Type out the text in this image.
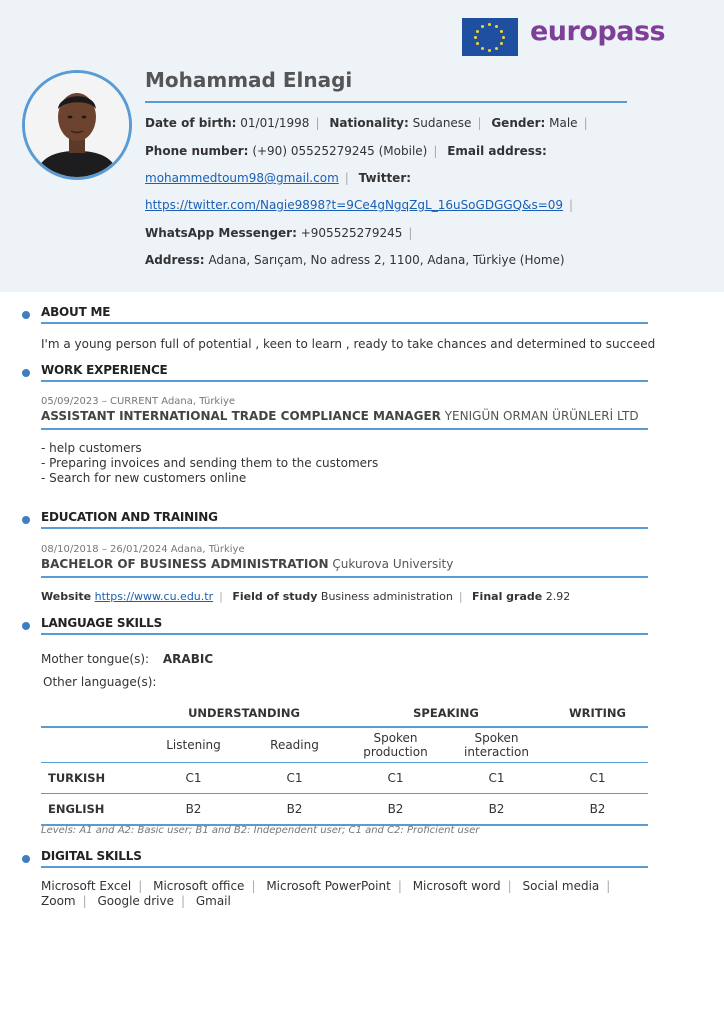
europass
Mohammad Elnagi
Date of birth: 01/01/1998 | Nationality: Sudanese | Gender: Male |
Phone number: (+90) 05525279245 (Mobile) | Email address:
mohammedtoum98@gmail.com | Twitter:
https://twitter.com/Nagie9898?t=9Ce4gNgqZgL_16uSoGDGGQ&s=09 |
WhatsApp Messenger: +905525279245 |
Address: Adana, Sarıçam, No adress 2, 1100, Adana, Türkiye (Home)
ABOUT ME
I'm a young person full of potential , keen to learn , ready to take chances and determined to succeed
WORK EXPERIENCE
05/09/2023 – CURRENT Adana, Türkiye
ASSISTANT INTERNATIONAL TRADE COMPLIANCE MANAGER YENIGÜN ORMAN ÜRÜNLERİ LTD
- help customers
- Preparing invoices and sending them to the customers
- Search for new customers online
EDUCATION AND TRAINING
08/10/2018 – 26/01/2024 Adana, Türkiye
BACHELOR OF BUSINESS ADMINISTRATION Çukurova University
Website https://www.cu.edu.tr | Field of study Business administration | Final grade 2.92
LANGUAGE SKILLS
Mother tongue(s): ARABIC
Other language(s):
	UNDERSTANDING		SPEAKING		WRITING
	Listening	Reading	Spoken production	Spoken interaction	
TURKISH	C1	C1	C1	C1	C1
ENGLISH	B2	B2	B2	B2	B2
Levels: A1 and A2: Basic user; B1 and B2: Independent user; C1 and C2: Proficient user
DIGITAL SKILLS
Microsoft Excel | Microsoft office | Microsoft PowerPoint | Microsoft word | Social media | Zoom | Google drive | Gmail
